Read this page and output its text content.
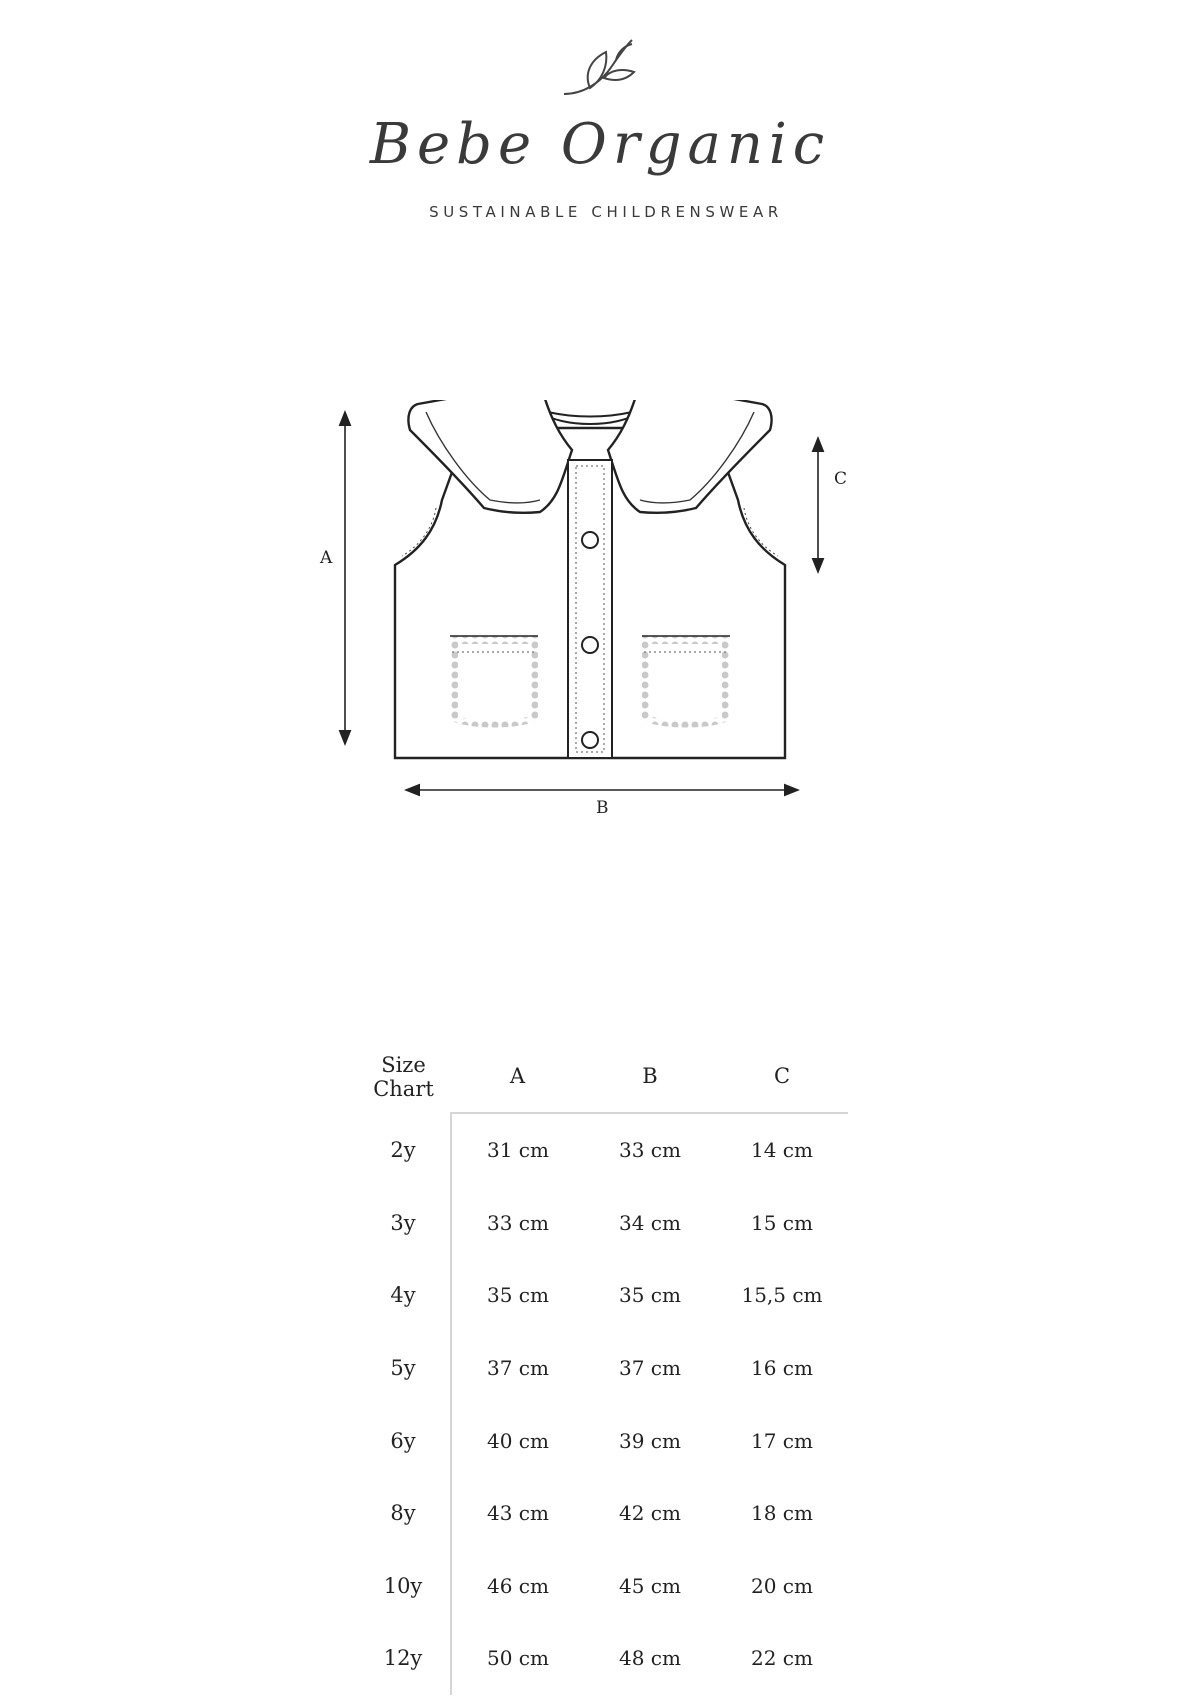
Bebe Organic
SUSTAINABLE CHILDRENSWEAR
A
C
B
Size
Chart	A	B	C
2y	31 cm	33 cm	14 cm
3y	33 cm	34 cm	15 cm
4y	35 cm	35 cm	15,5 cm
5y	37 cm	37 cm	16 cm
6y	40 cm	39 cm	17 cm
8y	43 cm	42 cm	18 cm
10y	46 cm	45 cm	20 cm
12y	50 cm	48 cm	22 cm
